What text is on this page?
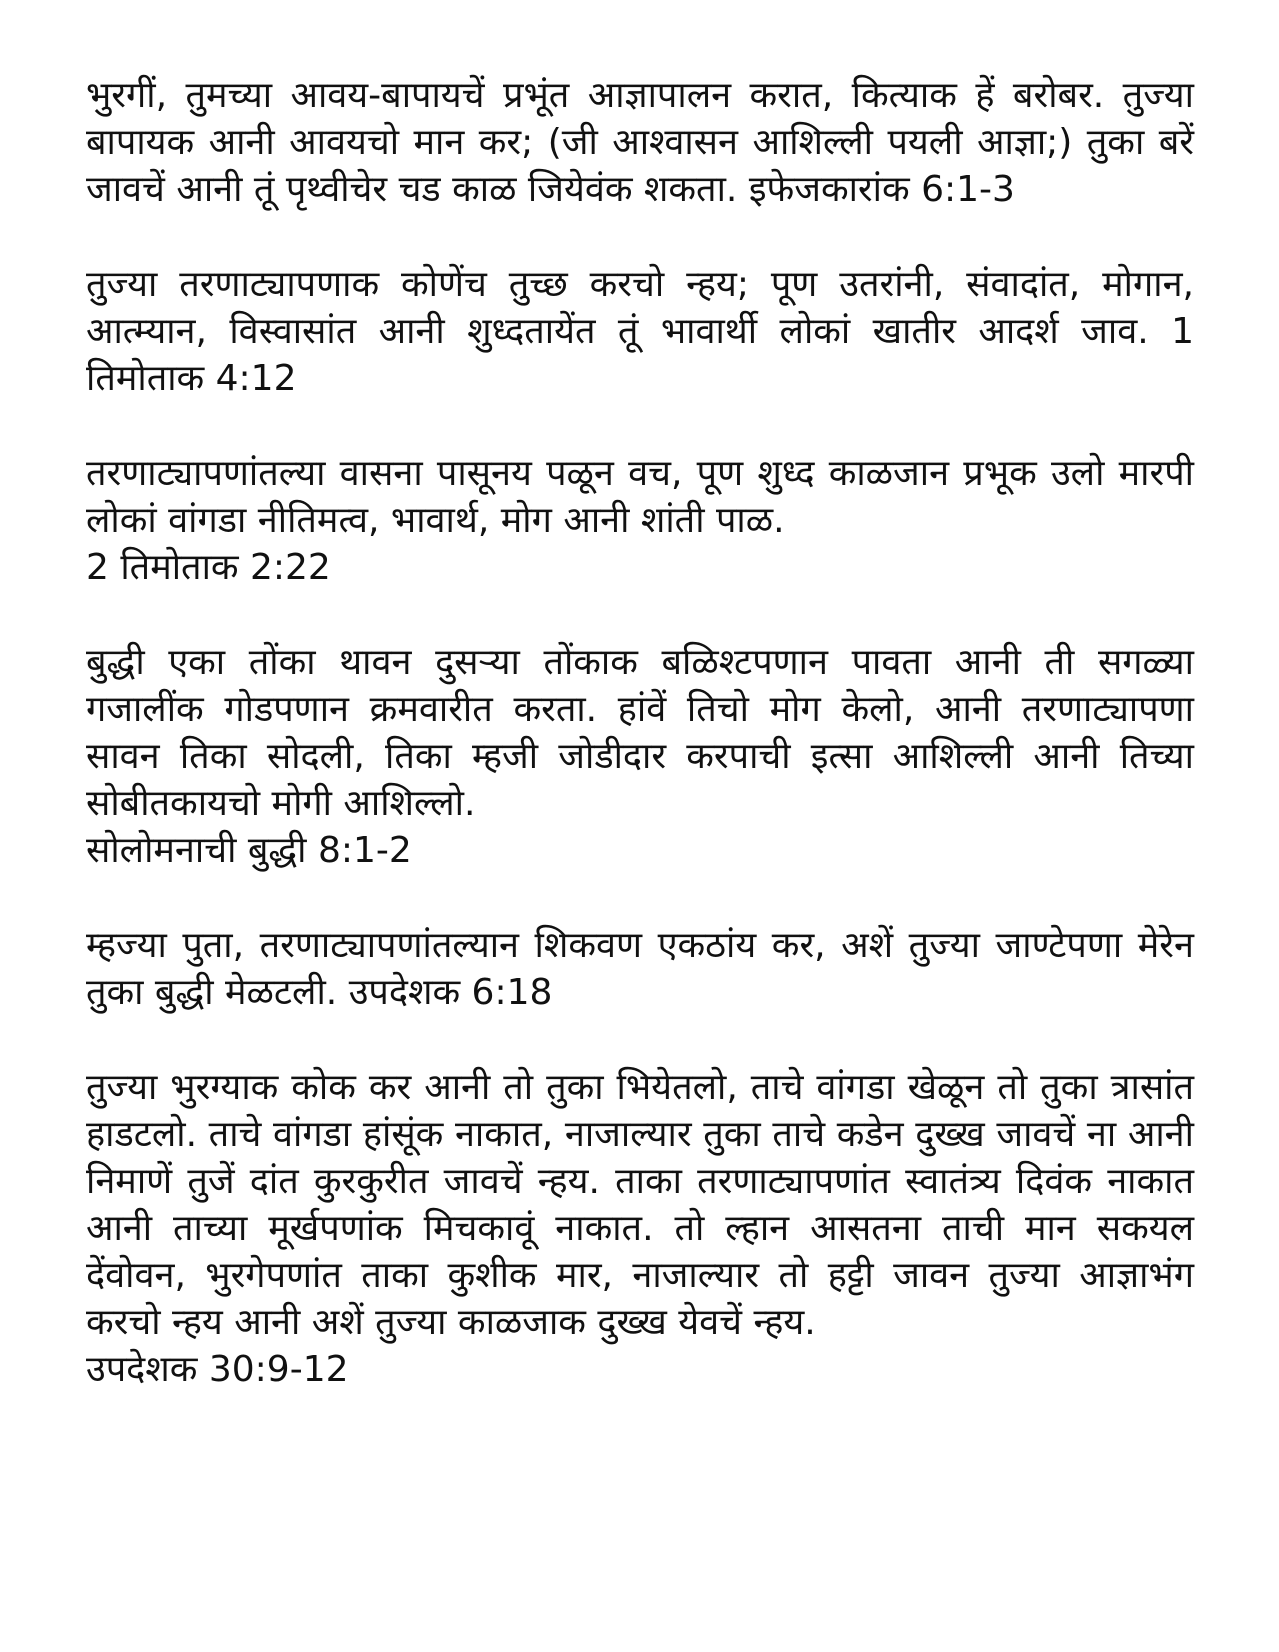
भुरगीं, तुमच्या आवय-बापायचें प्रभूंत आज्ञापालन करात, कित्याक हें बरोबर. तुज्या बापायक आनी आवयचो मान कर; (जी आश्वासन आशिल्ली पयली आज्ञा;) तुका बरें जावचें आनी तूं पृथ्वीचेर चड काळ जियेवंक शकता. इफेजकारांक 6:1-3

तुज्या तरणाट्यापणाक कोणेंच तुच्छ करचो न्हय; पूण उतरांनी, संवादांत, मोगान, आत्म्यान, विस्वासांत आनी शुध्दतायेंत तूं भावार्थी लोकां खातीर आदर्श जाव. 1 तिमोताक 4:12

तरणाट्यापणांतल्या वासना पासूनय पळून वच, पूण शुध्द काळजान प्रभूक उलो मारपी लोकां वांगडा नीतिमत्व, भावार्थ, मोग आनी शांती पाळ.
2 तिमोताक 2:22

बुद्धी एका तोंका थावन दुसऱ्या तोंकाक बळिश्टपणान पावता आनी ती सगळ्या गजालींक गोडपणान क्रमवारीत करता. हांवें तिचो मोग केलो, आनी तरणाट्यापणा सावन तिका सोदली, तिका म्हजी जोडीदार करपाची इत्सा आशिल्ली आनी तिच्या सोबीतकायचो मोगी आशिल्लो.
सोलोमनाची बुद्धी 8:1-2

म्हज्या पुता, तरणाट्यापणांतल्यान शिकवण एकठांय कर, अशें तुज्या जाण्टेपणा मेरेन तुका बुद्धी मेळटली. उपदेशक 6:18

तुज्या भुरग्याक कोक कर आनी तो तुका भियेतलो, ताचे वांगडा खेळून तो तुका त्रासांत हाडटलो. ताचे वांगडा हांसूंक नाकात, नाजाल्यार तुका ताचे कडेन दुख्ख जावचें ना आनी निमाणें तुजें दांत कुरकुरीत जावचें न्हय. ताका तरणाट्यापणांत स्वातंत्र्य दिवंक नाकात आनी ताच्या मूर्खपणांक मिचकावूं नाकात. तो ल्हान आसतना ताची मान सकयल देंवोवन, भुरगेपणांत ताका कुशीक मार, नाजाल्यार तो हट्टी जावन तुज्या आज्ञाभंग करचो न्हय आनी अशें तुज्या काळजाक दुख्ख येवचें न्हय.
उपदेशक 30:9-12
